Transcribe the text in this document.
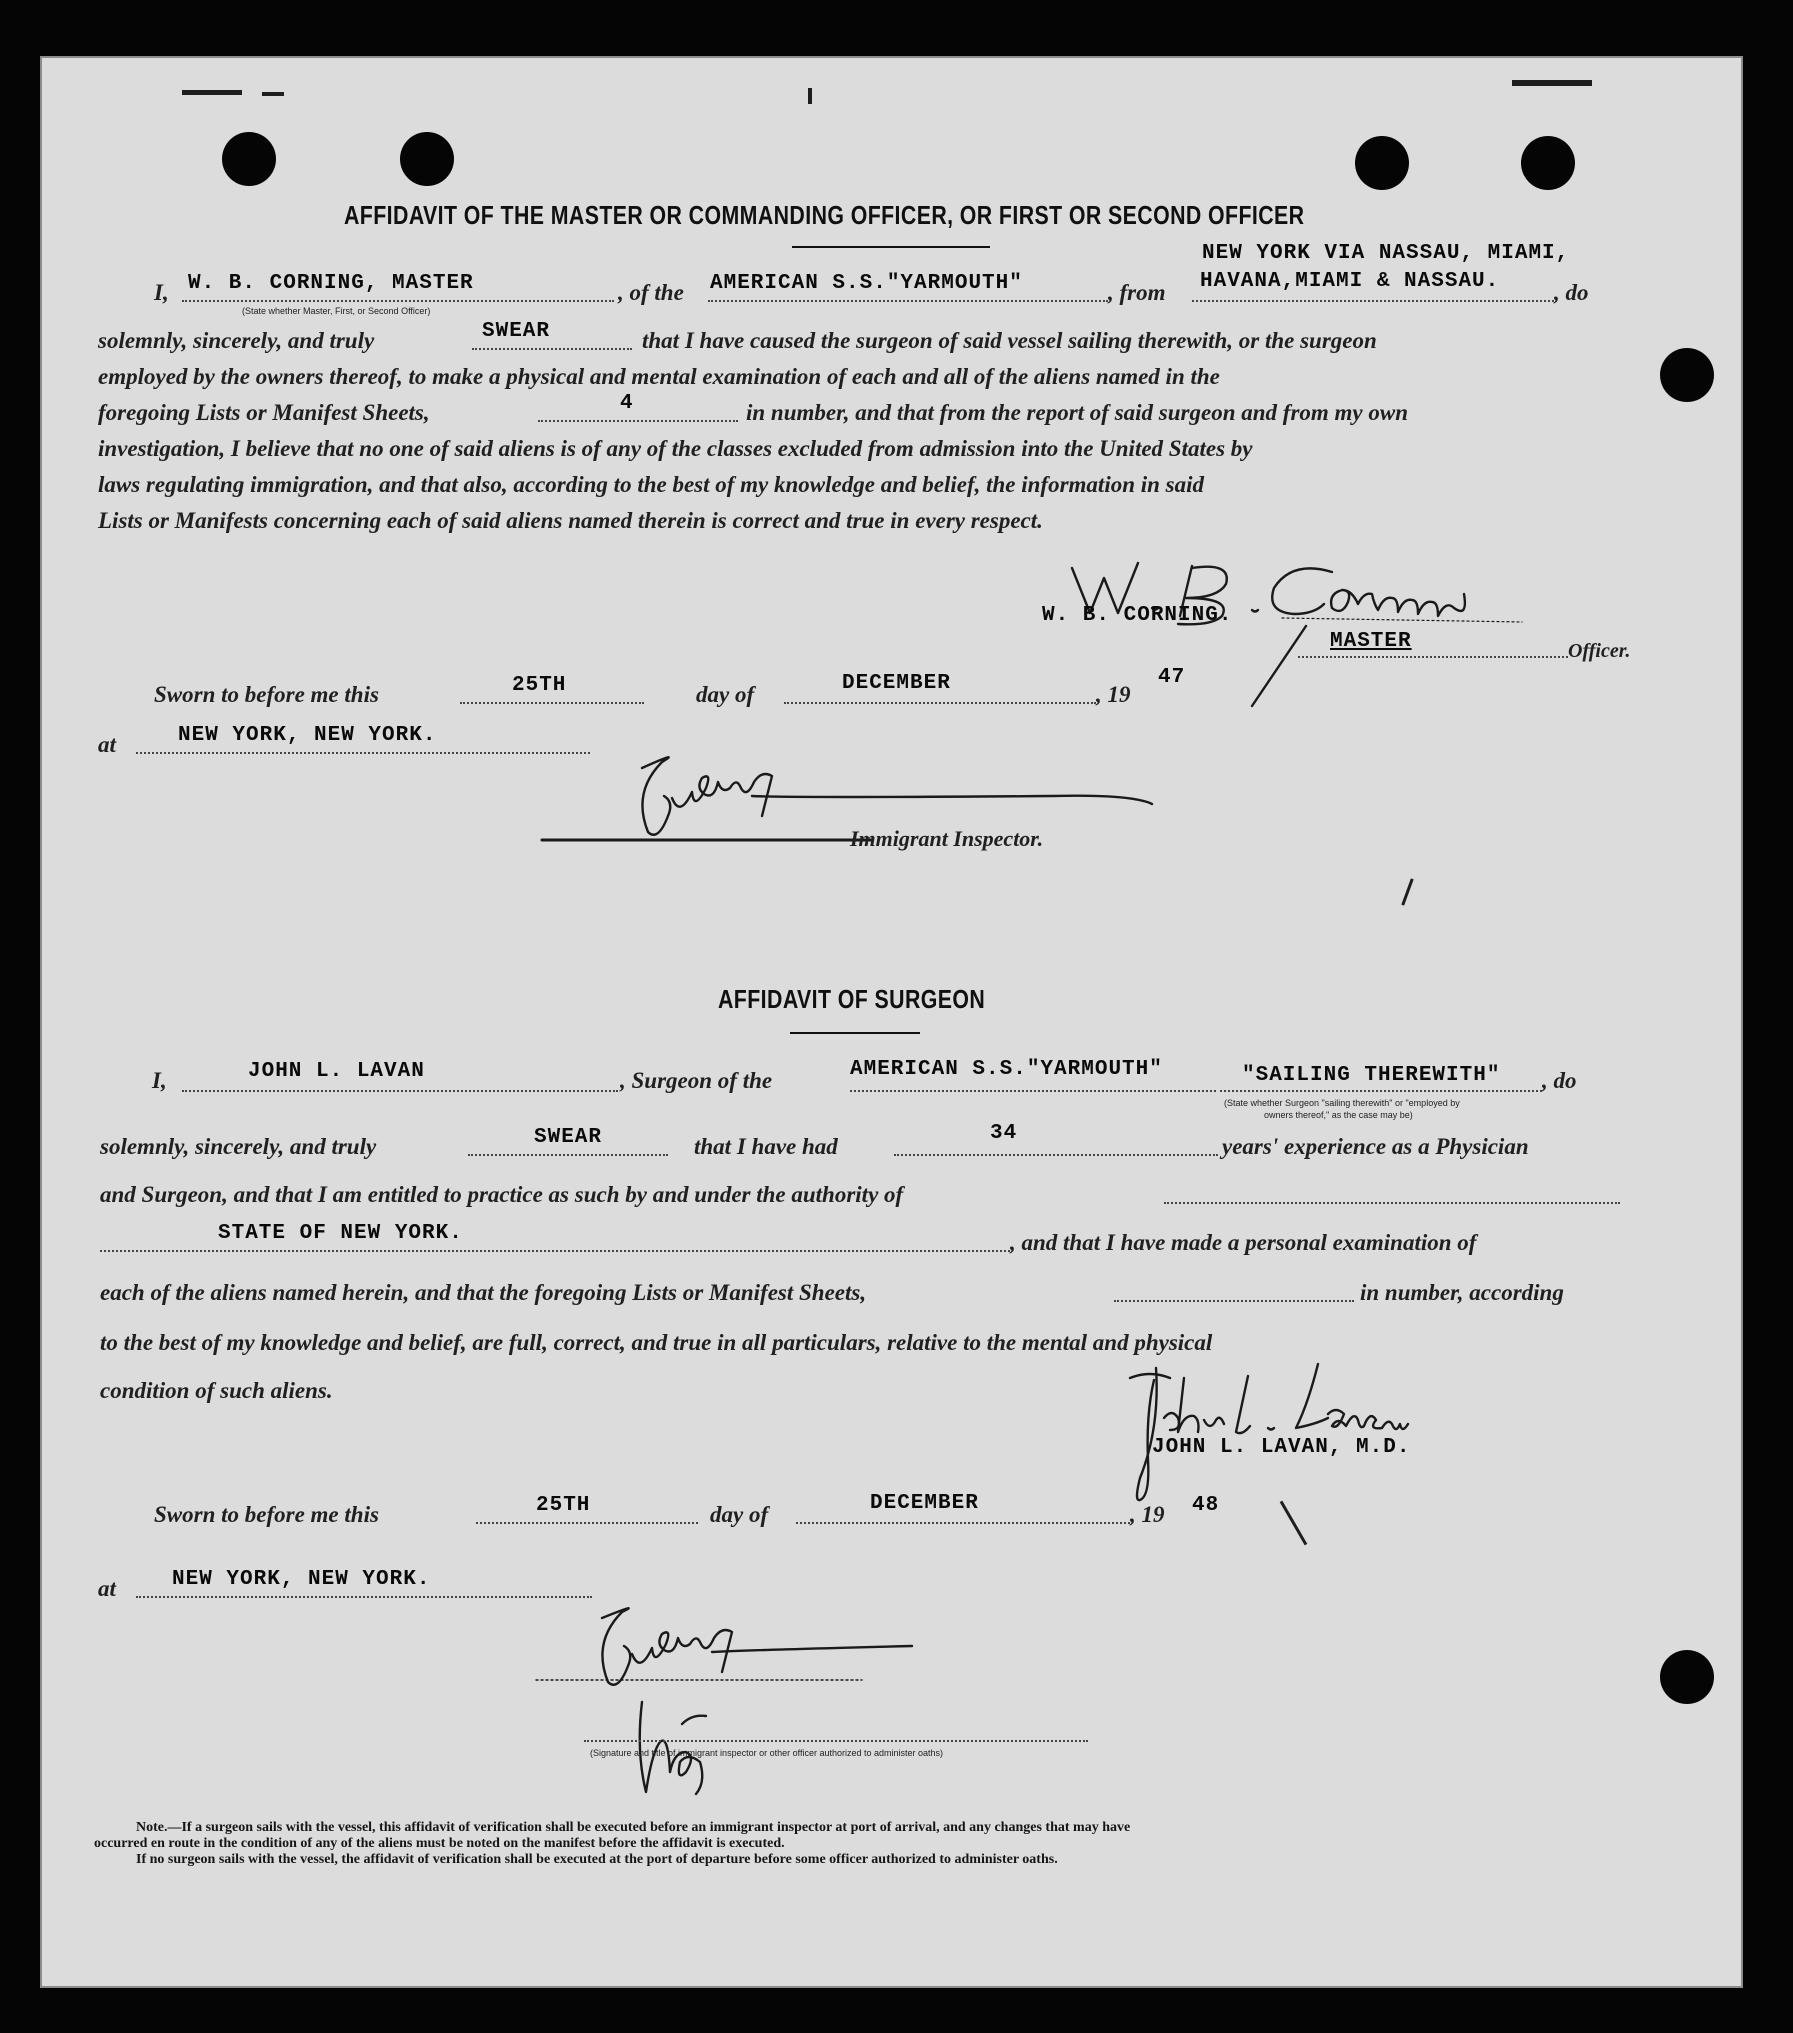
AFFIDAVIT OF THE MASTER OR COMMANDING OFFICER, OR FIRST OR SECOND OFFICER
I, W. B. CORNING, MASTER
(State whether Master, First, or Second Officer)
, of the AMERICAN S.S."YARMOUTH"	, from
NEW YORK VIA NASSAU, MIAMI,
HAVANA,MIAMI & NASSAU. , do
solemnly, sincerely, and truly	SWEAR	that I have caused the surgeon of said vessel sailing therewith, or the surgeon
employed by the owners thereof, to make a physical and mental examination of each and all of the aliens named in the
foregoing Lists or Manifest Sheets,	4	in number, and that from the report of said surgeon and from my own
investigation, I believe that no one of said aliens is of any of the classes excluded from admission into the United States by
laws regulating immigration, and that also, according to the best of my knowledge and belief, the information in said
Lists or Manifests concerning each of said aliens named therein is correct and true in every respect.
W. B. CORNING.
MASTER	Officer.
Sworn to before me this	25TH	day of	DECEMBER	, 19
47
at	NEW YORK, NEW YORK.
Immigrant Inspector.
AFFIDAVIT OF SURGEON
I,	JOHN L. LAVAN	, Surgeon of the	AMERICAN S.S."YARMOUTH"	"SAILING THEREWITH"
(State whether Surgeon "sailing therewith" or "employed by
owners thereof," as the case may be)
, do
solemnly, sincerely, and truly	SWEAR	that I have had
34
years' experience as a Physician
and Surgeon, and that I am entitled to practice as such by and under the authority of
STATE OF NEW YORK.	, and that I have made a personal examination of
each of the aliens named herein, and that the foregoing Lists or Manifest Sheets,	in number, according
to the best of my knowledge and belief, are full, correct, and true in all particulars, relative to the mental and physical
condition of such aliens.
JOHN L. LAVAN, M.D.
Sworn to before me this	25TH	day of	DECEMBER	, 19 48
at	NEW YORK, NEW YORK.
(Signature and title of immigrant inspector or other officer authorized to administer oaths)
Note.—If a surgeon sails with the vessel, this affidavit of verification shall be executed before an immigrant inspector at port of arrival, and any changes that may have
occurred en route in the condition of any of the aliens must be noted on the manifest before the affidavit is executed.
If no surgeon sails with the vessel, the affidavit of verification shall be executed at the port of departure before some officer authorized to administer oaths.
